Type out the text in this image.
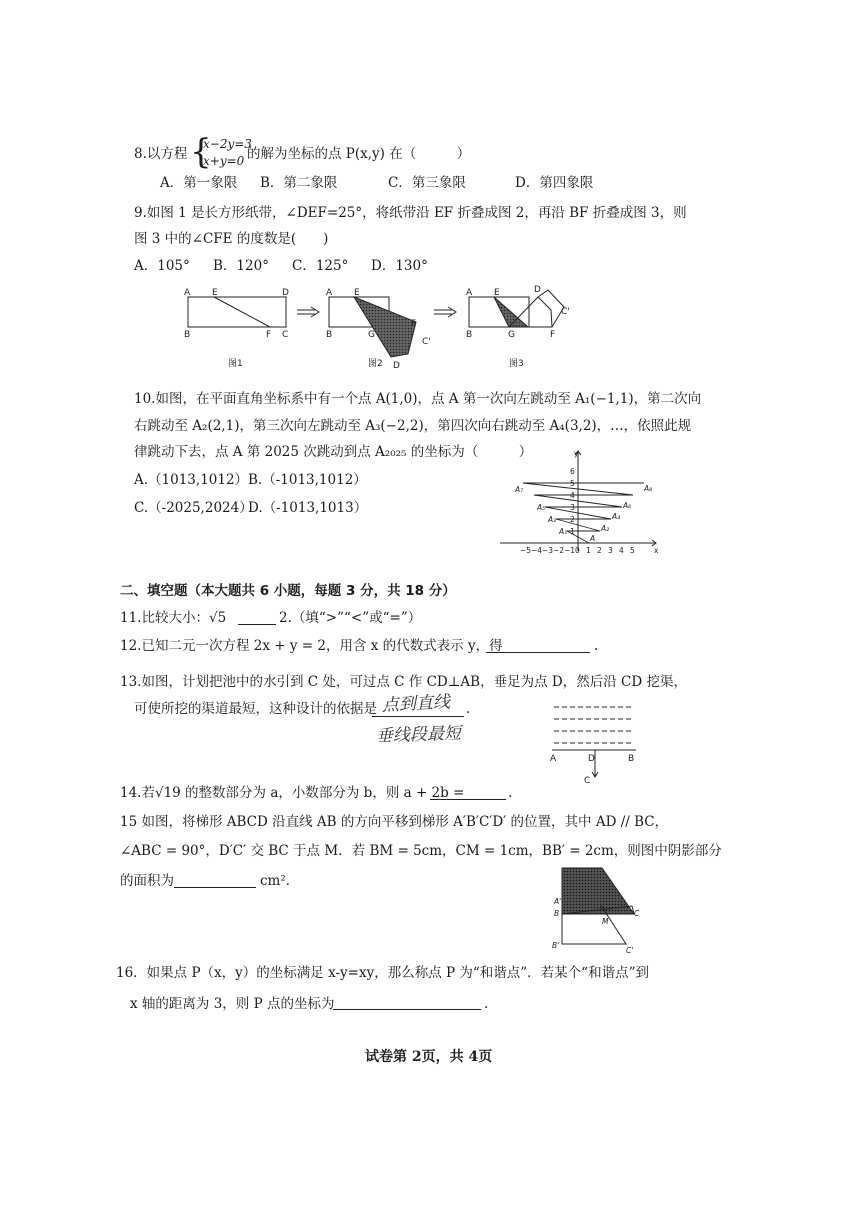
8.以方程 {
x−2y=3
x+y=0 的解为坐标的点 P(x,y) 在（　　　）
A．第一象限 B．第二象限	C．第三象限	D．第四象限
9.如图 1 是长方形纸带，∠DEF=25°，将纸带沿 EF 折叠成图 2，再沿 BF 折叠成图 3，则
图 3 中的∠CFE 的度数是(　　)
A．105° B．120° C．125° D．130°
A E	D
B	F C
图1
A E
F
B	G
D
C'
图2
A E	D
B	G	F
C'
图3
10.如图，在平面直角坐标系中有一个点 A(1,0)，点 A 第一次向左跳动至 A₁(−1,1)，第二次向
右跳动至 A₂(2,1)，第三次向左跳动至 A₃(−2,2)，第四次向右跳动至 A₄(3,2)，…，依照此规
律跳动下去，点 A 第 2025 次跳动到点 A₂₀₂₅ 的坐标为（　　　）
A.（1013,1012） B.（-1013,1012）
C.（-2025,2024）
D.（-1013,1013）
A
A₁	A₂
A₃	A₄
A₅	A₆
A₇	A₈
−5 −4 −3 −2 −1 0 1 2 3 4 5
1
2
3
4
5
6
y
x
二、填空题（本大题共 6 小题，每题 3 分，共 18 分）
11.比较大小：√5	2.（填“>”“<”或“=”）
12.已知二元一次方程 2x + y = 2，用含 x 的代数式表示 y，得	.
13.如图，计划把池中的水引到 C 处，可过点 C 作 CD⊥AB，垂足为点 D，然后沿 CD 挖渠，
可使所挖的渠道最短，这种设计的依据是 点到直线 .
垂线段最短
A	D	B
C
14.若√19 的整数部分为 a，小数部分为 b，则 a + 2b =	.
15 如图，将梯形 ABCD 沿直线 AB 的方向平移到梯形 A′B′C′D′ 的位置，其中 AD // BC，
∠ABC = 90°，D′C′ 交 BC 于点 M．若 BM = 5cm，CM = 1cm，BB′ = 2cm，则图中阴影部分
的面积为	cm²．
A'
B
M
C
B'
C'
16．如果点 P（x，y）的坐标满足 x-y=xy，那么称点 P 为“和谐点”．若某个“和谐点”到
x 轴的距离为 3，则 P 点的坐标为	.
试卷第 2页，共 4页
